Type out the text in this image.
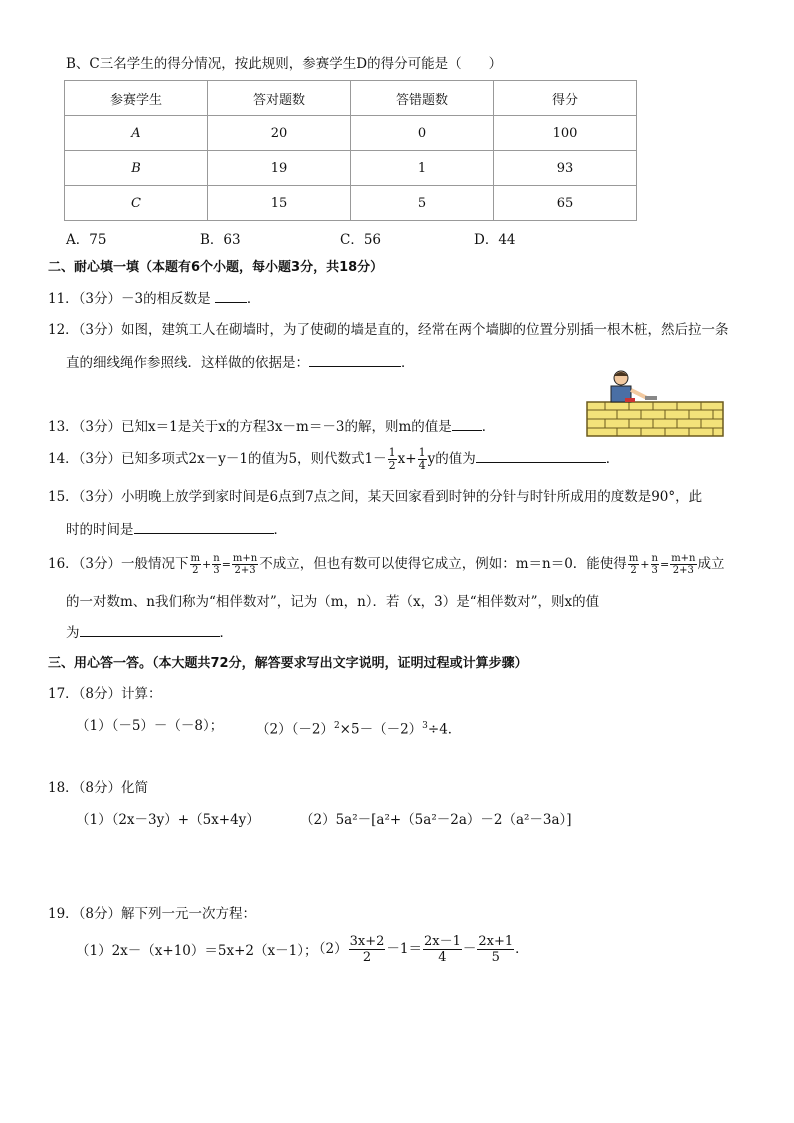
B、C三名学生的得分情况，按此规则，参赛学生D的得分可能是（　　）
参赛学生	答对题数	答错题数	得分
A	20	0	100
B	19	1	93
C	15	5	65
A．75	B．63	C．56	D．44
二、耐心填一填（本题有6个小题，每小题3分，共18分）
11．（3分）－3的相反数是	．
12．（3分）如图，建筑工人在砌墙时，为了使砌的墙是直的，经常在两个墙脚的位置分别插一根木桩，然后拉一条
直的细线绳作参照线．这样做的依据是：	．
13．（3分）已知x＝1是关于x的方程3x－m＝－3的解，则m的值是 ．
14．（3分）已知多项式2x－y－1的值为5，则代数式$1- \frac{1}{2} x+ \frac{1}{4}$ y的值为	．
15．（3分）小明晚上放学到家时间是6点到7点之间，某天回家看到时钟的分针与时针所成用的度数是90°，此
时的时间是	．
16．（3分）一般情况下 $\frac{m}{2} + \frac{n}{3} = \frac{m+n}{2+3}$ 不成立，但也有数可以使得它成立，例如：m＝n＝0．能使得 $\frac{m}{2} + \frac{n}{3} = \frac{m+n}{2+3}$ 成立
的一对数m、n我们称为“相伴数对”，记为（m，n）．若（x，3）是“相伴数对”，则x的值
为	．
三、用心答一答。（本大题共72分，解答要求写出文字说明，证明过程或计算步骤）
17．（8分）计算：
（1）（－5）－（－8）； $(2)(-2)^2\times 5-(-2)^3\div 4$．
18．（8分）化简
（1）（2x－3y）+（5x+4y）	（2）5a²－[a²+（5a²－2a）－2（a²－3a）]
19．（8分）解下列一元一次方程：
（1）2x－（x+10）＝5x+2（x－1）；
$(2) \frac{3x+2}{2} -1= \frac{2x-1}{4} - \frac{2x+1}{5}$ ．
